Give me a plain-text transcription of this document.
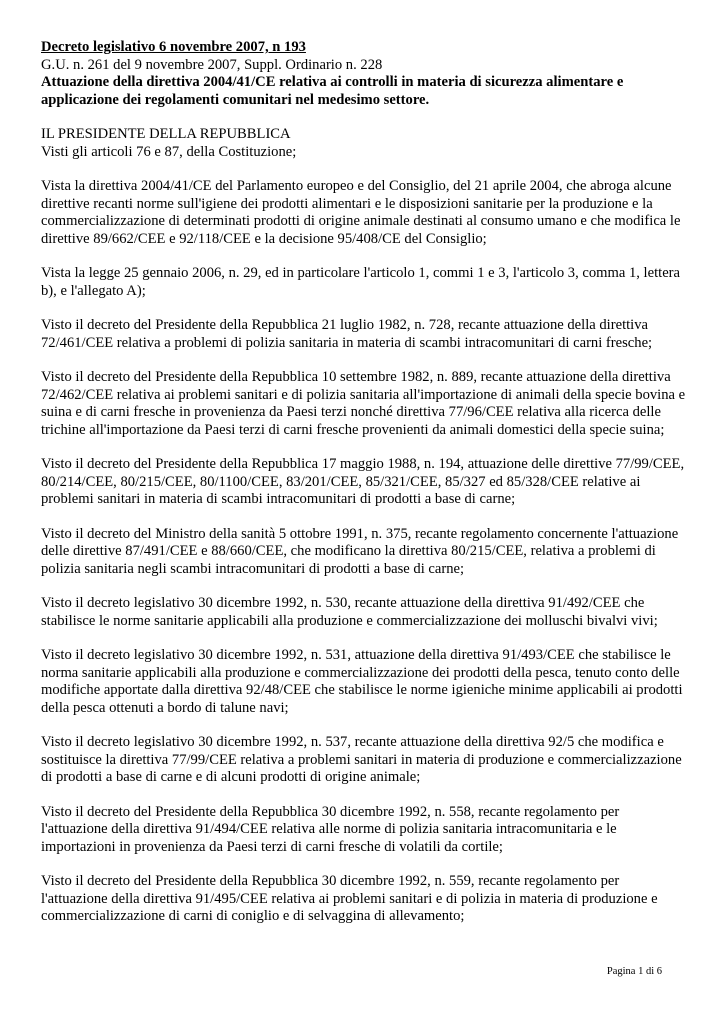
Decreto legislativo 6 novembre 2007, n 193

G.U. n. 261 del 9 novembre 2007, Suppl. Ordinario n. 228

Attuazione della direttiva 2004/41/CE relativa ai controlli in materia di sicurezza alimentare e applicazione dei regolamenti comunitari nel medesimo settore.

IL PRESIDENTE DELLA REPUBBLICA

Visti gli articoli 76 e 87, della Costituzione;

Vista la direttiva 2004/41/CE del Parlamento europeo e del Consiglio, del 21 aprile 2004, che abroga alcune direttive recanti norme sull'igiene dei prodotti alimentari e le disposizioni sanitarie per la produzione e la commercializzazione di determinati prodotti di origine animale destinati al consumo umano e che modifica le direttive 89/662/CEE e 92/118/CEE e la decisione 95/408/CE del Consiglio;

Vista la legge 25 gennaio 2006, n. 29, ed in particolare l'articolo 1, commi 1 e 3, l'articolo 3, comma 1, lettera b), e l'allegato A);

Visto il decreto del Presidente della Repubblica 21 luglio 1982, n. 728, recante attuazione della direttiva 72/461/CEE relativa a problemi di polizia sanitaria in materia di scambi intracomunitari di carni fresche;

Visto il decreto del Presidente della Repubblica 10 settembre 1982, n. 889, recante attuazione della direttiva 72/462/CEE relativa ai problemi sanitari e di polizia sanitaria all'importazione di animali della specie bovina e suina e di carni fresche in provenienza da Paesi terzi nonché direttiva 77/96/CEE relativa alla ricerca delle trichine all'importazione da Paesi terzi di carni fresche provenienti da animali domestici della specie suina;

Visto il decreto del Presidente della Repubblica 17 maggio 1988, n. 194, attuazione delle direttive 77/99/CEE, 80/214/CEE, 80/215/CEE, 80/1100/CEE, 83/201/CEE, 85/321/CEE, 85/327 ed 85/328/CEE relative ai problemi sanitari in materia di scambi intracomunitari di prodotti a base di carne;

Visto il decreto del Ministro della sanità 5 ottobre 1991, n. 375, recante regolamento concernente l'attuazione delle direttive 87/491/CEE e 88/660/CEE, che modificano la direttiva 80/215/CEE, relativa a problemi di polizia sanitaria negli scambi intracomunitari di prodotti a base di carne;

Visto il decreto legislativo 30 dicembre 1992, n. 530, recante attuazione della direttiva 91/492/CEE che stabilisce le norme sanitarie applicabili alla produzione e commercializzazione dei molluschi bivalvi vivi;

Visto il decreto legislativo 30 dicembre 1992, n. 531, attuazione della direttiva 91/493/CEE che stabilisce le norma sanitarie applicabili alla produzione e commercializzazione dei prodotti della pesca, tenuto conto delle modifiche apportate dalla direttiva 92/48/CEE che stabilisce le norme igieniche minime applicabili ai prodotti della pesca ottenuti a bordo di talune navi;

Visto il decreto legislativo 30 dicembre 1992, n. 537, recante attuazione della direttiva 92/5 che modifica e sostituisce la direttiva 77/99/CEE relativa a problemi sanitari in materia di produzione e commercializzazione di prodotti a base di carne e di alcuni prodotti di origine animale;

Visto il decreto del Presidente della Repubblica 30 dicembre 1992, n. 558, recante regolamento per l'attuazione della direttiva 91/494/CEE relativa alle norme di polizia sanitaria intracomunitaria e le importazioni in provenienza da Paesi terzi di carni fresche di volatili da cortile;

Visto il decreto del Presidente della Repubblica 30 dicembre 1992, n. 559, recante regolamento per l'attuazione della direttiva 91/495/CEE relativa ai problemi sanitari e di polizia in materia di produzione e commercializzazione di carni di coniglio e di selvaggina di allevamento;

Pagina 1 di 6
